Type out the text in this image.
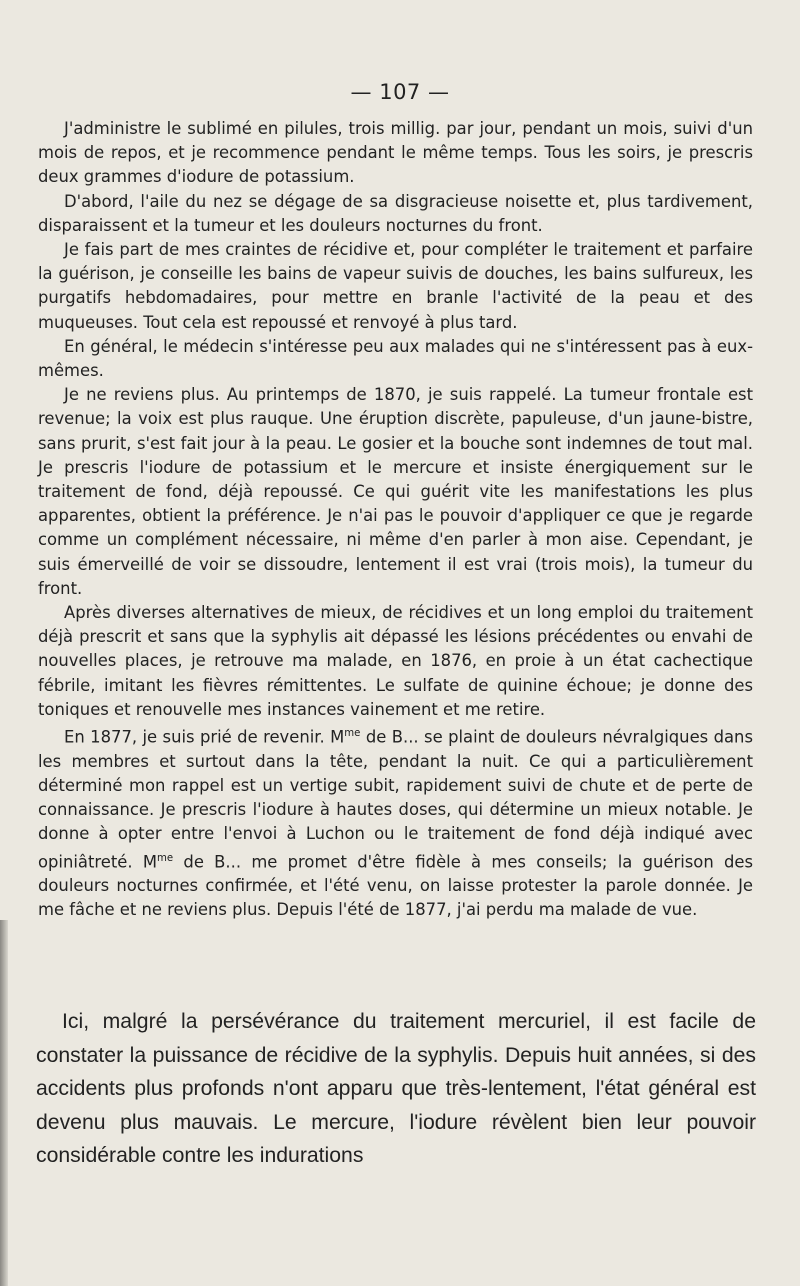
— 107 —

J'administre le sublimé en pilules, trois millig. par jour, pendant un mois, suivi d'un mois de repos, et je recommence pendant le même temps. Tous les soirs, je prescris deux grammes d'iodure de potassium.

D'abord, l'aile du nez se dégage de sa disgracieuse noisette et, plus tardivement, disparaissent et la tumeur et les douleurs nocturnes du front.

Je fais part de mes craintes de récidive et, pour compléter le traitement et parfaire la guérison, je conseille les bains de vapeur suivis de douches, les bains sulfureux, les purgatifs hebdomadaires, pour mettre en branle l'activité de la peau et des muqueuses. Tout cela est repoussé et renvoyé à plus tard.

En général, le médecin s'intéresse peu aux malades qui ne s'intéressent pas à eux-mêmes.

Je ne reviens plus. Au printemps de 1870, je suis rappelé. La tumeur frontale est revenue; la voix est plus rauque. Une éruption discrète, papuleuse, d'un jaune-bistre, sans prurit, s'est fait jour à la peau. Le gosier et la bouche sont indemnes de tout mal. Je prescris l'iodure de potassium et le mercure et insiste énergiquement sur le traitement de fond, déjà repoussé. Ce qui guérit vite les manifestations les plus apparentes, obtient la préférence. Je n'ai pas le pouvoir d'appliquer ce que je regarde comme un complément nécessaire, ni même d'en parler à mon aise. Cependant, je suis émerveillé de voir se dissoudre, lentement il est vrai (trois mois), la tumeur du front.

Après diverses alternatives de mieux, de récidives et un long emploi du traitement déjà prescrit et sans que la syphylis ait dépassé les lésions précédentes ou envahi de nouvelles places, je retrouve ma malade, en 1876, en proie à un état cachectique fébrile, imitant les fièvres rémittentes. Le sulfate de quinine échoue; je donne des toniques et renouvelle mes instances vainement et me retire.

En 1877, je suis prié de revenir. $M^{me}$ de B... se plaint de douleurs névralgiques dans les membres et surtout dans la tête, pendant la nuit. Ce qui a particulièrement déterminé mon rappel est un vertige subit, rapidement suivi de chute et de perte de connaissance. Je prescris l'iodure à hautes doses, qui détermine un mieux notable. Je donne à opter entre l'envoi à Luchon ou le traitement de fond déjà indiqué avec opiniâtreté. $M^{me}$ de B... me promet d'être fidèle à mes conseils; la guérison des douleurs nocturnes confirmée, et l'été venu, on laisse protester la parole donnée. Je me fâche et ne reviens plus. Depuis l'été de 1877, j'ai perdu ma malade de vue.

Ici, malgré la persévérance du traitement mercuriel, il est facile de constater la puissance de récidive de la syphylis. Depuis huit années, si des accidents plus profonds n'ont apparu que très-lentement, l'état général est devenu plus mauvais. Le mercure, l'iodure révèlent bien leur pouvoir considérable contre les indurations
